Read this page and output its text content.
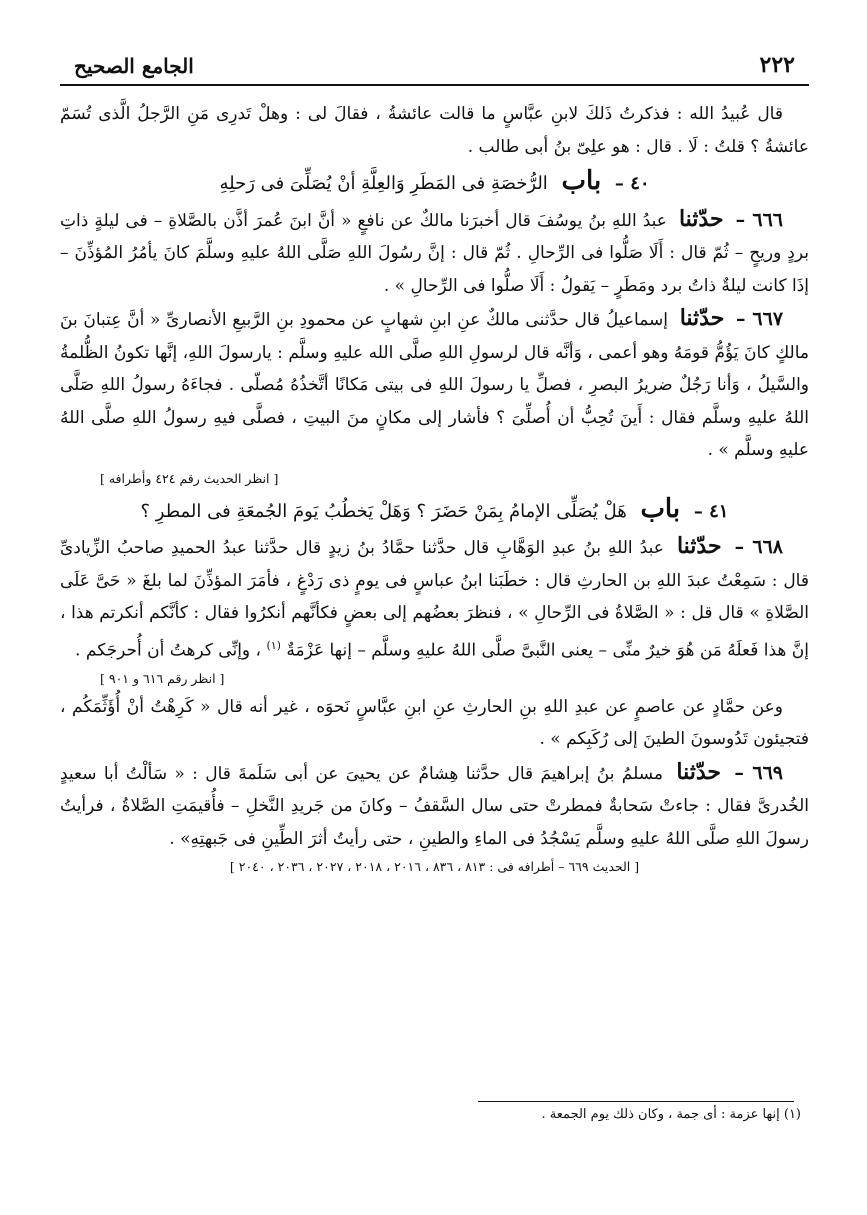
٢٢٢
الجامع الصحيح

قال عُبيدُ الله : فذكرتُ ذَلكَ لابنِ عبَّاسٍ ما قالت عائشةُ ، فقالَ لى : وهلْ تَدرِى مَنِ الرَّجلُ الَّذى تُسَمّ عائشةُ ؟ قلتُ : لَا . قال : هو علِىّ بنُ أبى طالب .

٤٠ – باب الرُّخصَةِ فى المَطَرِ وَالعِلَّةِ أنْ يُصَلِّىَ فى رَحلِهِ

٦٦٦ – حدّثنا عبدُ اللهِ بنُ يوسُفَ قال أخبرَنا مالكٌ عن نافعٍ « أنَّ ابنَ عُمرَ أذَّن بالصَّلاةِ – فى ليلةٍ ذاتِ بردٍ وريحٍ – ثُمّ قال : أَلَا صَلُّوا فى الرِّحالِ . ثُمّ قال : إنَّ رسُولَ اللهِ صَلَّى اللهُ عليهِ وسلَّمَ كانَ يأمُرُ المُؤذِّنَ – إذَا كانت ليلةٌ ذاتُ برد ومَطَرٍ – يَقولُ : أَلَا صلُّوا فى الرِّحالِ » .

٦٦٧ – حدّثنا إسماعيلُ قال حدَّثنى مالكٌ عنِ ابنِ شهابٍ عن محمودِ بنِ الرَّبيعِ الأنصارىِّ « أنَّ عِتبانَ بنَ مالكٍ كانَ يَؤُمُّ قومَهُ وهو أعمى ، وَأنَّه قال لرسولِ اللهِ صلَّى الله عليهِ وسلَّم : يارسولَ اللهِ، إنَّها تكونُ الظُّلمةُ والسَّيلُ ، وَأنا رَجُلٌ ضريرُ البصرِ ، فصلِّ يا رسولَ اللهِ فى بيتى مَكانًا أتَّخذُهُ مُصلّى . فجاءَهُ رسولُ اللهِ صَلَّى اللهُ عليهِ وسلَّم فقال : أَينَ تُحِبُّ أن أُصلِّىَ ؟ فأشار إلى مكانٍ منَ البيتِ ، فصلَّى فيهِ رسولُ اللهِ صلَّى اللهُ عليهِ وسلَّم » .

[ انظر الحديث رقم ٤٢٤ وأطرافه ]

٤١ – باب هَلْ يُصَلِّى الإمامُ بِمَنْ حَضَرَ ؟ وَهَلْ يَخطُبُ يَومَ الجُمعَةِ فى المطرِ ؟

٦٦٨ – حدّثنا عبدُ اللهِ بنُ عبدِ الوَهَّابِ قال حدَّثنا حمَّادُ بنُ زيدٍ قال حدَّثنا عبدُ الحميدِ صاحبُ الزِّيادىِّ قال : سَمِعْتُ عبدَ اللهِ بن الحارثِ قال : خطَبَنا ابنُ عباسٍ فى يومٍ ذى رَدْغٍ ، فأمَرَ المؤذِّنَ لما بلغَ « حَىَّ عَلَى الصَّلاةِ » قال قل : « الصَّلاةُ فى الرِّحالِ » ، فنظرَ بعضُهم إلى بعضٍ فكأنَّهم أنكرُوا فقال : كأنَّكم أنكرتم هذا ، إنَّ هذا فَعلَهُ مَن هُوَ خيرٌ منِّى – يعنى النَّبىَّ صلَّى اللهُ عليهِ وسلَّم – إنها عَزْمَةٌ $^{(١)}$ ، وإنِّى كرهتُ أن أُحرجَكم .

[ انظر رقم ٦١٦ و ٩٠١ ]

وعن حمَّادٍ عن عاصمٍ عن عبدِ اللهِ بنِ الحارثِ عنِ ابنِ عبَّاسٍ نَحوَه ، غير أنه قال « كَرِهْتُ أنْ أُؤَثِّمَكُم ، فتجيئون تَدُوسونَ الطينَ إلى رُكَبِكم » .

٦٦٩ – حدّثنا مسلمُ بنُ إبراهيمَ قال حدَّثنا هِشامٌ عن يحيىَ عن أبى سَلَمةَ قال : « سَألْتُ أبا سعيدٍ الخُدرىَّ فقال : جاءتْ سَحابةٌ فمطرتْ حتى سال السَّقفُ – وكانَ من جَريدِ النَّخلِ – فأُقيمَتِ الصَّلاةُ ، فرأيتُ رسولَ اللهِ صلَّى اللهُ عليهِ وسلَّم يَسْجُدُ فى الماءِ والطينِ ، حتى رأيتُ أثرَ الطِّينِ فى جَبهتِهِ» .

[ الحديث ٦٦٩ – أطرافه فى : ٨١٣ ، ٨٣٦ ، ٢٠١٦ ، ٢٠١٨ ، ٢٠٢٧ ، ٢٠٣٦ ، ٢٠٤٠ ]
(١) إنها عزمة : أى جمة ، وكان ذلك يوم الجمعة .
